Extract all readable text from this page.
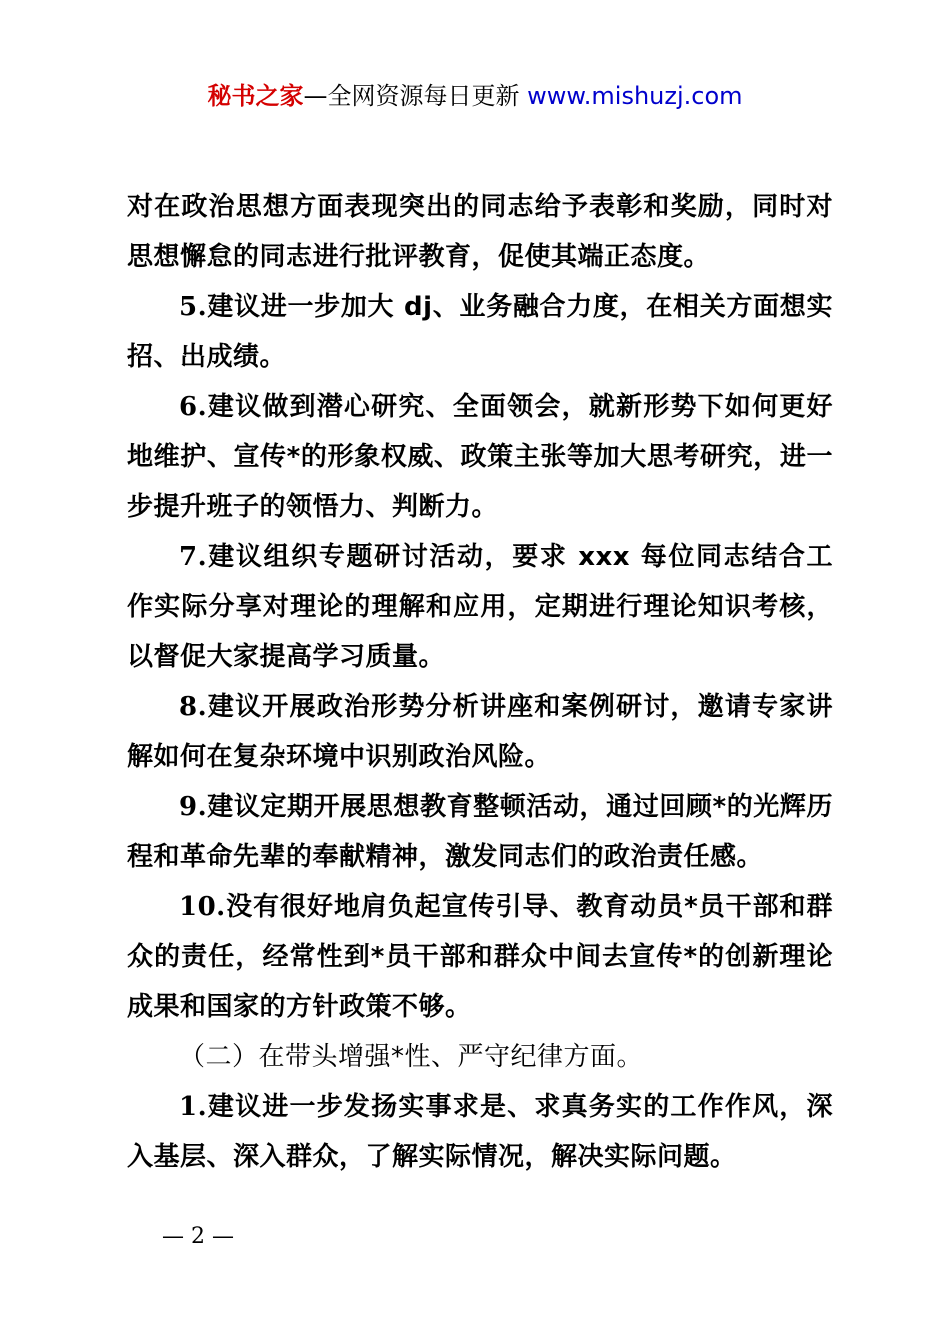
秘书之家—全网资源每日更新 www.mishuzj.com

对在政治思想方面表现突出的同志给予表彰和奖励，同时对思想懈怠的同志进行批评教育，促使其端正态度。

5.建议进一步加大 dj、业务融合力度，在相关方面想实招、出成绩。

6.建议做到潜心研究、全面领会，就新形势下如何更好地维护、宣传*的形象权威、政策主张等加大思考研究，进一步提升班子的领悟力、判断力。

7.建议组织专题研讨活动，要求 xxx 每位同志结合工作实际分享对理论的理解和应用，定期进行理论知识考核，以督促大家提高学习质量。

8.建议开展政治形势分析讲座和案例研讨，邀请专家讲解如何在复杂环境中识别政治风险。

9.建议定期开展思想教育整顿活动，通过回顾*的光辉历程和革命先辈的奉献精神，激发同志们的政治责任感。

10.没有很好地肩负起宣传引导、教育动员*员干部和群众的责任，经常性到*员干部和群众中间去宣传*的创新理论成果和国家的方针政策不够。

（二）在带头增强*性、严守纪律方面。

1.建议进一步发扬实事求是、求真务实的工作作风，深入基层、深入群众，了解实际情况，解决实际问题。

— 2 —
